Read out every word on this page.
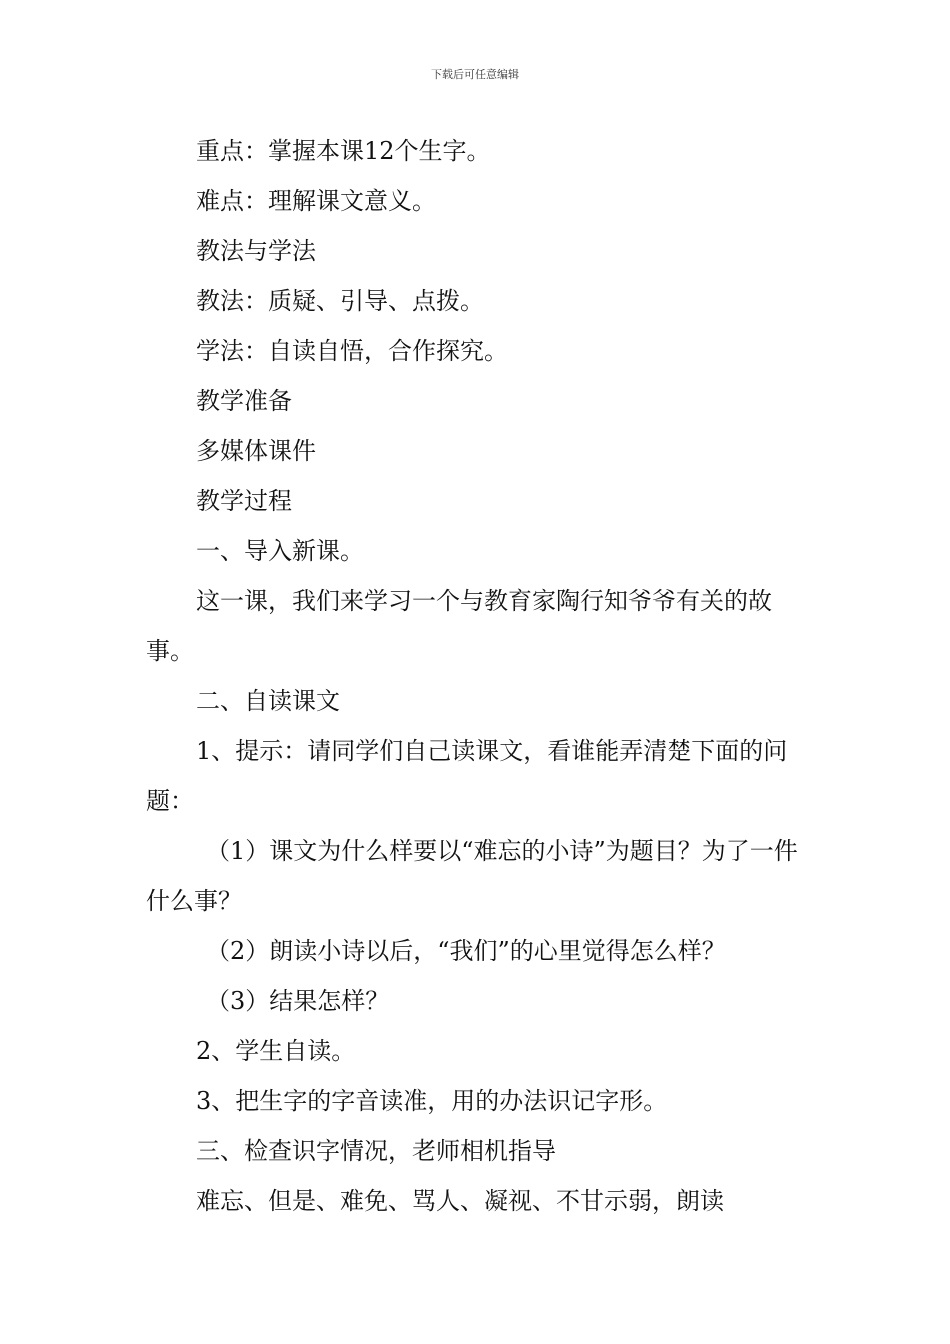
下载后可任意编辑

重点：掌握本课12个生字。

难点：理解课文意义。

教法与学法

教法：质疑、引导、点拨。

学法：自读自悟，合作探究。

教学准备

多媒体课件

教学过程

一、导入新课。

这一课，我们来学习一个与教育家陶行知爷爷有关的故事。

二、自读课文

1、提示：请同学们自己读课文，看谁能弄清楚下面的问题：

（1）课文为什么样要以“难忘的小诗”为题目？为了一件什么事？

（2）朗读小诗以后，“我们”的心里觉得怎么样？

（3）结果怎样？

2、学生自读。

3、把生字的字音读准，用的办法识记字形。

三、检查识字情况，老师相机指导

难忘、但是、难免、骂人、凝视、不甘示弱，朗读
